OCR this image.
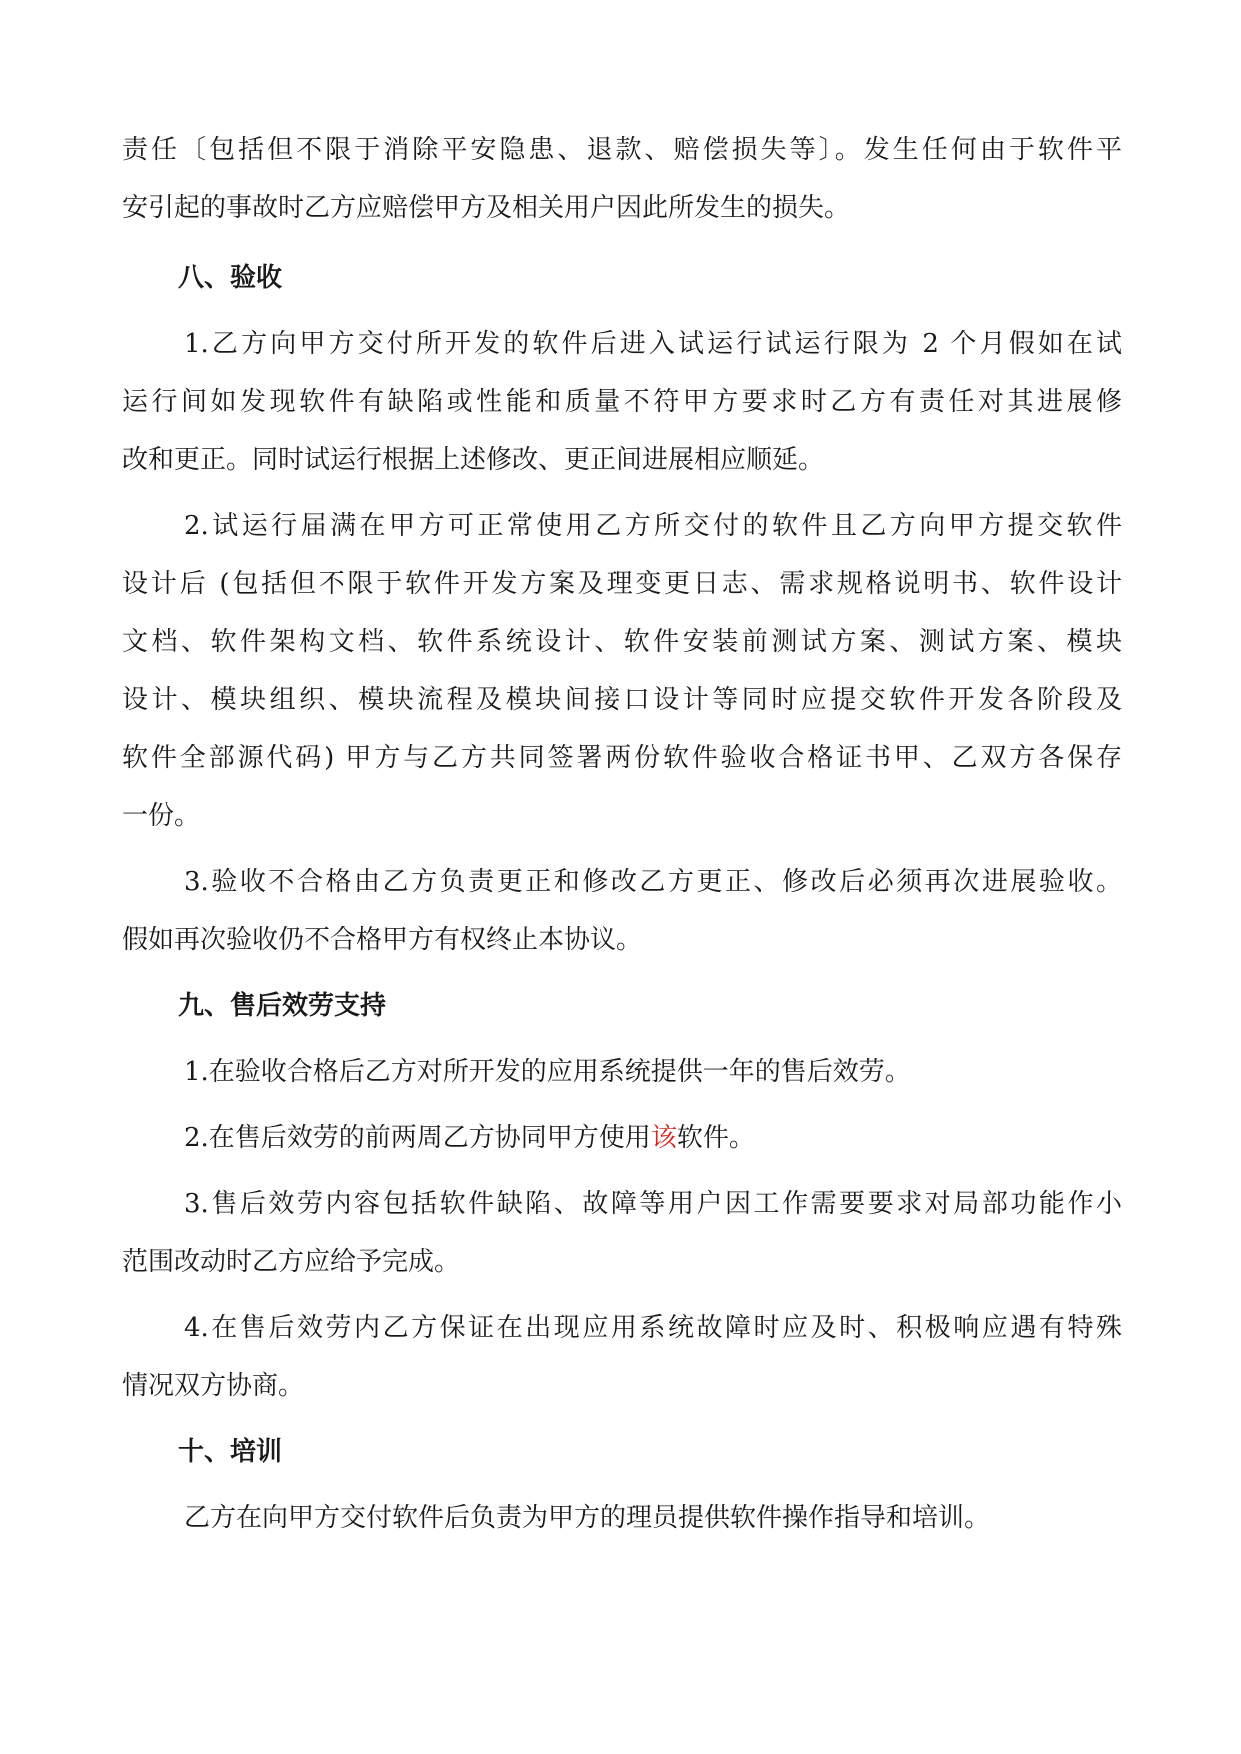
责任〔包括但不限于消除平安隐患、退款、赔偿损失等〕。发生任何由于软件平
安引起的事故时乙方应赔偿甲方及相关用户因此所发生的损失。
八、验收
1.乙方向甲方交付所开发的软件后进入试运行试运行限为 2 个月假如在试
运行间如发现软件有缺陷或性能和质量不符甲方要求时乙方有责任对其进展修
改和更正。同时试运行根据上述修改、更正间进展相应顺延。
2.试运行届满在甲方可正常使用乙方所交付的软件且乙方向甲方提交软件
设计后 (包括但不限于软件开发方案及理变更日志、需求规格说明书、软件设计
文档、软件架构文档、软件系统设计、软件安装前测试方案、测试方案、模块
设计、模块组织、模块流程及模块间接口设计等同时应提交软件开发各阶段及
软件全部源代码) 甲方与乙方共同签署两份软件验收合格证书甲、乙双方各保存
一份。
3.验收不合格由乙方负责更正和修改乙方更正、修改后必须再次进展验收。
假如再次验收仍不合格甲方有权终止本协议。
九、售后效劳支持
1.在验收合格后乙方对所开发的应用系统提供一年的售后效劳。
2.在售后效劳的前两周乙方协同甲方使用该软件。
3.售后效劳内容包括软件缺陷、故障等用户因工作需要要求对局部功能作小
范围改动时乙方应给予完成。
4.在售后效劳内乙方保证在出现应用系统故障时应及时、积极响应遇有特殊
情况双方协商。
十、培训
乙方在向甲方交付软件后负责为甲方的理员提供软件操作指导和培训。
